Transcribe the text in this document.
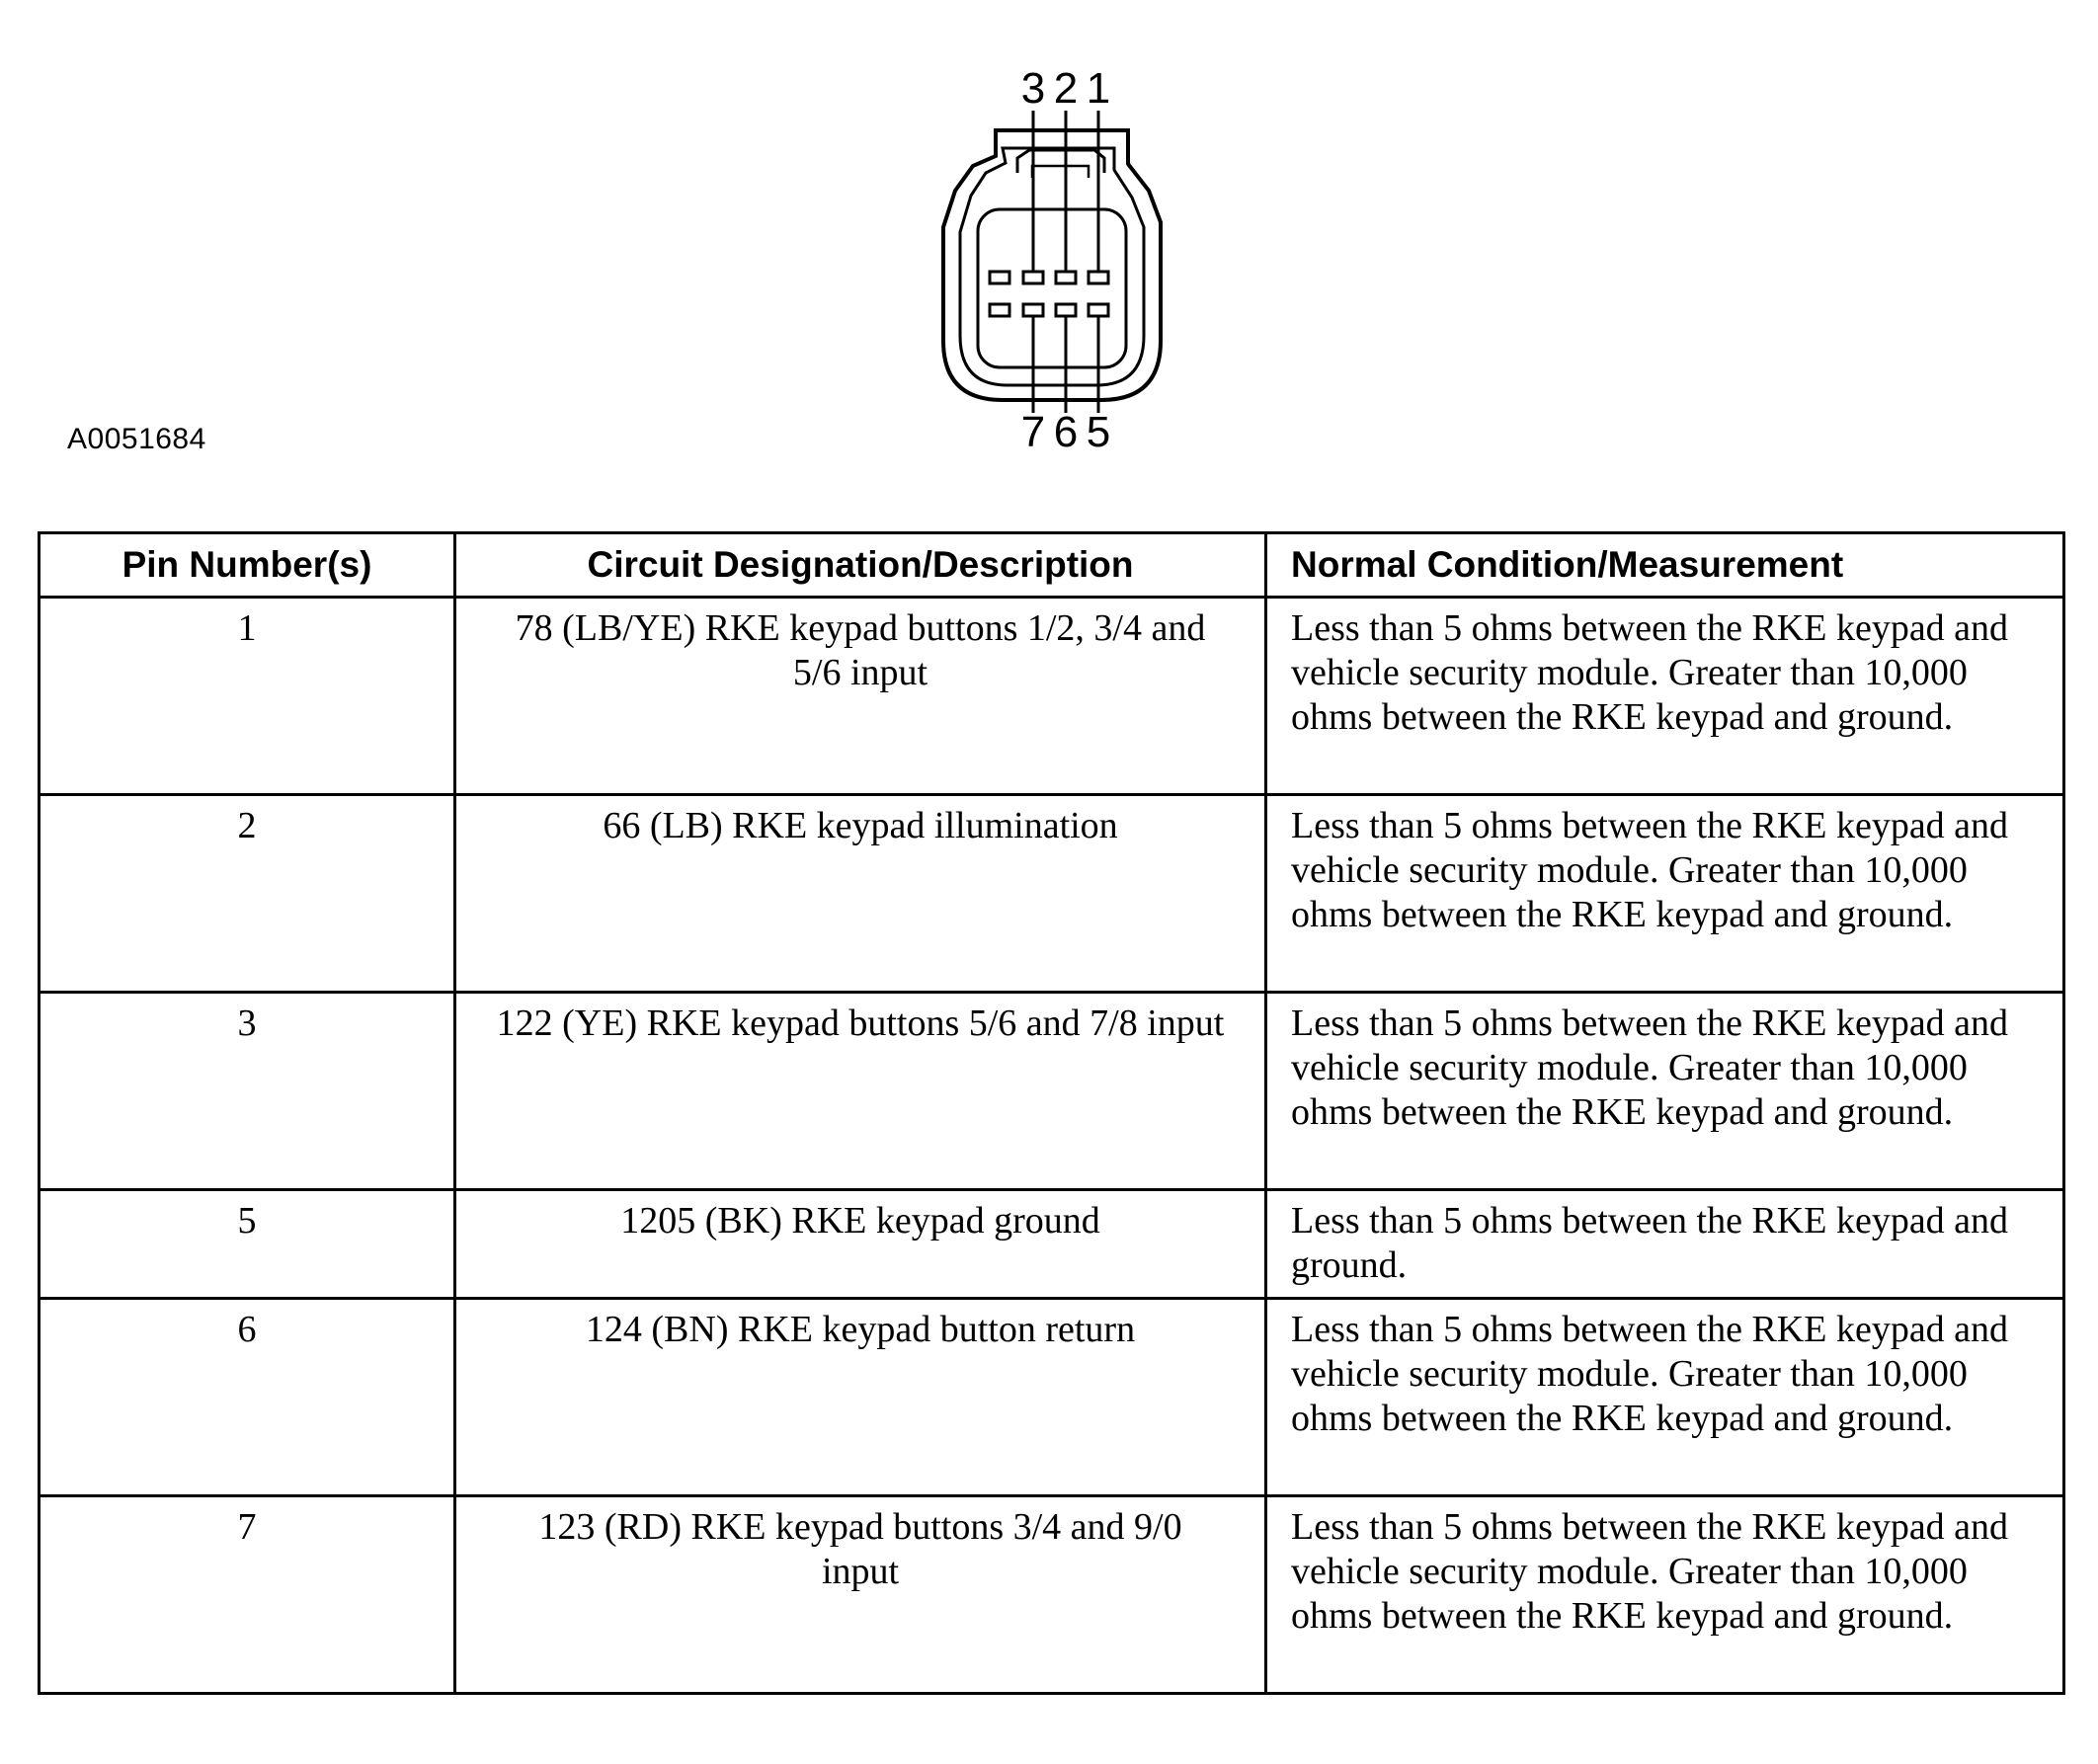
3 2 1
7 6 5
A0051684
Pin Number(s)	Circuit Designation/Description	Normal Condition/Measurement
1	78 (LB/YE) RKE keypad buttons 1/2, 3/4 and 5/6 input	Less than 5 ohms between the RKE keypad and vehicle security module. Greater than 10,000 ohms between the RKE keypad and ground.
2	66 (LB) RKE keypad illumination	Less than 5 ohms between the RKE keypad and vehicle security module. Greater than 10,000 ohms between the RKE keypad and ground.
3	122 (YE) RKE keypad buttons 5/6 and 7/8 input	Less than 5 ohms between the RKE keypad and vehicle security module. Greater than 10,000 ohms between the RKE keypad and ground.
5	1205 (BK) RKE keypad ground	Less than 5 ohms between the RKE keypad and ground.
6	124 (BN) RKE keypad button return	Less than 5 ohms between the RKE keypad and vehicle security module. Greater than 10,000 ohms between the RKE keypad and ground.
7	123 (RD) RKE keypad buttons 3/4 and 9/0 input	Less than 5 ohms between the RKE keypad and vehicle security module. Greater than 10,000 ohms between the RKE keypad and ground.
